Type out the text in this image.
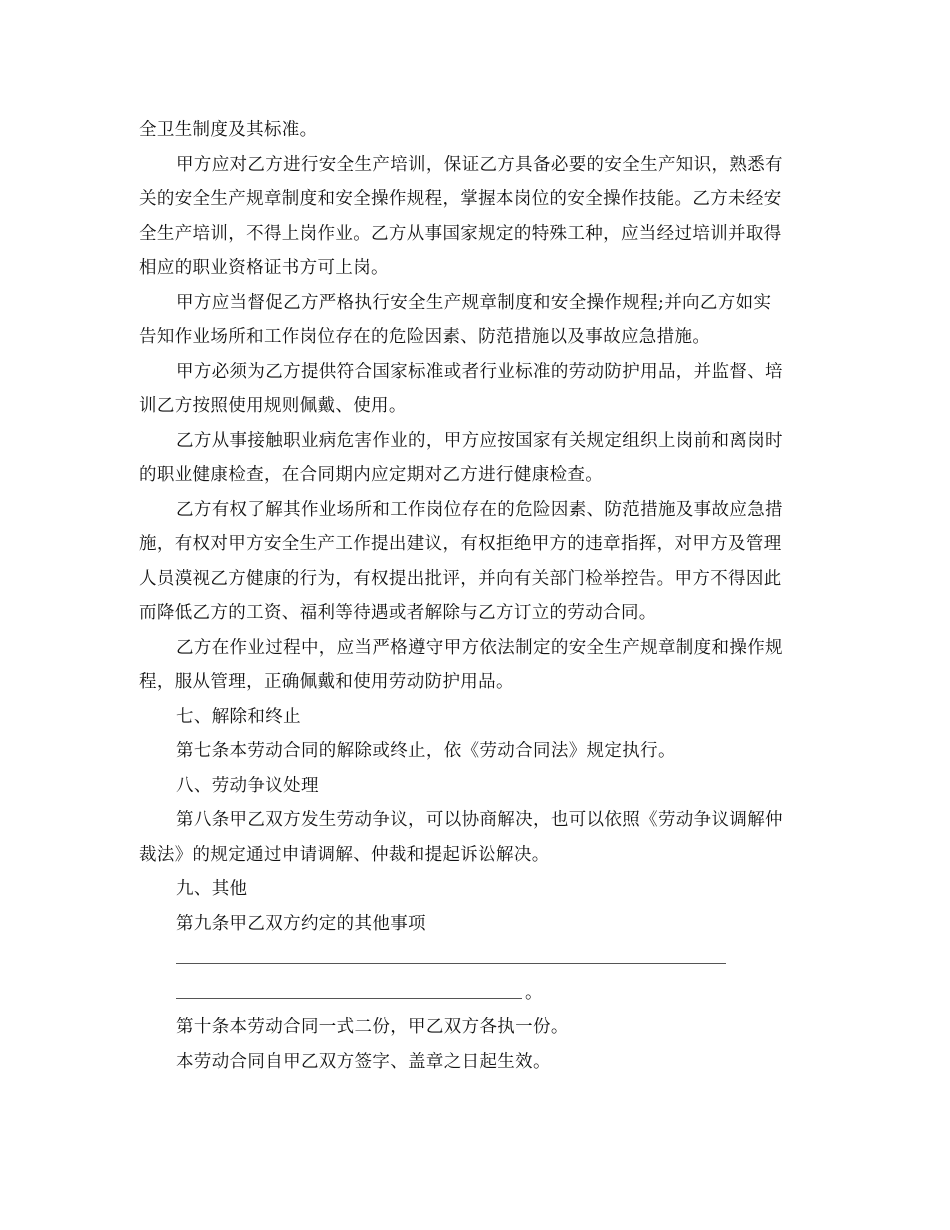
全卫生制度及其标准。
甲方应对乙方进行安全生产培训，保证乙方具备必要的安全生产知识，熟悉有
关的安全生产规章制度和安全操作规程，掌握本岗位的安全操作技能。乙方未经安
全生产培训，不得上岗作业。乙方从事国家规定的特殊工种，应当经过培训并取得
相应的职业资格证书方可上岗。
甲方应当督促乙方严格执行安全生产规章制度和安全操作规程;并向乙方如实
告知作业场所和工作岗位存在的危险因素、防范措施以及事故应急措施。
甲方必须为乙方提供符合国家标准或者行业标准的劳动防护用品，并监督、培
训乙方按照使用规则佩戴、使用。
乙方从事接触职业病危害作业的，甲方应按国家有关规定组织上岗前和离岗时
的职业健康检查，在合同期内应定期对乙方进行健康检查。
乙方有权了解其作业场所和工作岗位存在的危险因素、防范措施及事故应急措
施，有权对甲方安全生产工作提出建议，有权拒绝甲方的违章指挥，对甲方及管理
人员漠视乙方健康的行为，有权提出批评，并向有关部门检举控告。甲方不得因此
而降低乙方的工资、福利等待遇或者解除与乙方订立的劳动合同。
乙方在作业过程中，应当严格遵守甲方依法制定的安全生产规章制度和操作规
程，服从管理，正确佩戴和使用劳动防护用品。
七、解除和终止
第七条本劳动合同的解除或终止，依《劳动合同法》规定执行。
八、劳动争议处理
第八条甲乙双方发生劳动争议，可以协商解决，也可以依照《劳动争议调解仲
裁法》的规定通过申请调解、仲裁和提起诉讼解决。
九、其他
第九条甲乙双方约定的其他事项
。
第十条本劳动合同一式二份，甲乙双方各执一份。
本劳动合同自甲乙双方签字、盖章之日起生效。
